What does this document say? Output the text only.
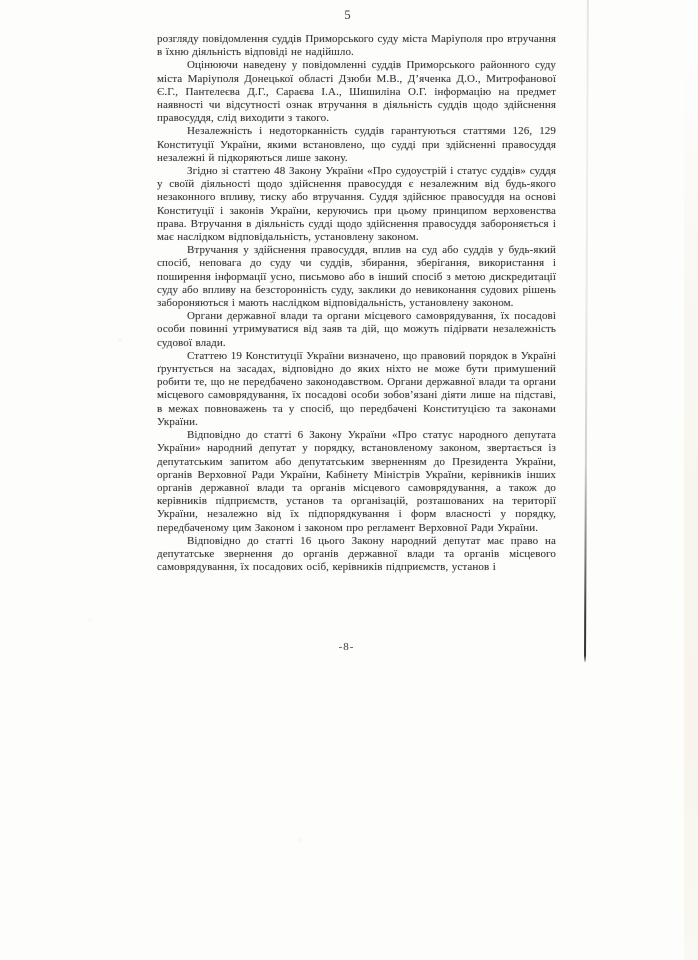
5

розгляду повідомлення суддів Приморського суду міста Маріуполя про втручання в їхню діяльність відповіді не надійшло.

Оцінюючи наведену у повідомленні суддів Приморського районного суду міста Маріуполя Донецької області Дзюби М.В., Д’яченка Д.О., Митрофанової Є.Г., Пантелеєва Д.Г., Сараєва І.А., Шишиліна О.Г. інформацію на предмет наявності чи відсутності ознак втручання в діяльність суддів щодо здійснення правосуддя, слід виходити з такого.

Незалежність і недоторканність суддів гарантуються статтями 126, 129 Конституції України, якими встановлено, що судді при здійсненні правосуддя незалежні й підкоряються лише закону.

Згідно зі статтею 48 Закону України «Про судоустрій і статус суддів» суддя у своїй діяльності щодо здійснення правосуддя є незалежним від будь-якого незаконного впливу, тиску або втручання. Суддя здійснює правосуддя на основі Конституції і законів України, керуючись при цьому принципом верховенства права. Втручання в діяльність судді щодо здійснення правосуддя забороняється і має наслідком відповідальність, установлену законом.

Втручання у здійснення правосуддя, вплив на суд або суддів у будь-який спосіб, неповага до суду чи суддів, збирання, зберігання, використання і поширення інформації усно, письмово або в інший спосіб з метою дискредитації суду або впливу на безсторонність суду, заклики до невиконання судових рішень забороняються і мають наслідком відповідальність, установлену законом.

Органи державної влади та органи місцевого самоврядування, їх посадові особи повинні утримуватися від заяв та дій, що можуть підірвати незалежність судової влади.

Статтею 19 Конституції України визначено, що правовий порядок в Україні ґрунтується на засадах, відповідно до яких ніхто не може бути примушений робити те, що не передбачено законодавством. Органи державної влади та органи місцевого самоврядування, їх посадові особи зобов’язані діяти лише на підставі, в межах повноважень та у спосіб, що передбачені Конституцією та законами України.

Відповідно до статті 6 Закону України «Про статус народного депутата України» народний депутат у порядку, встановленому законом, звертається із депутатським запитом або депутатським зверненням до Президента України, органів Верховної Ради України, Кабінету Міністрів України, керівників інших органів державної влади та органів місцевого самоврядування, а також до керівників підприємств, установ та організацій, розташованих на території України, незалежно від їх підпорядкування і форм власності у порядку, передбаченому цим Законом і законом про регламент Верховної Ради України.

Відповідно до статті 16 цього Закону народний депутат має право на депутатське звернення до органів державної влади та органів місцевого самоврядування, їх посадових осіб, керівників підприємств, установ і

-8-
